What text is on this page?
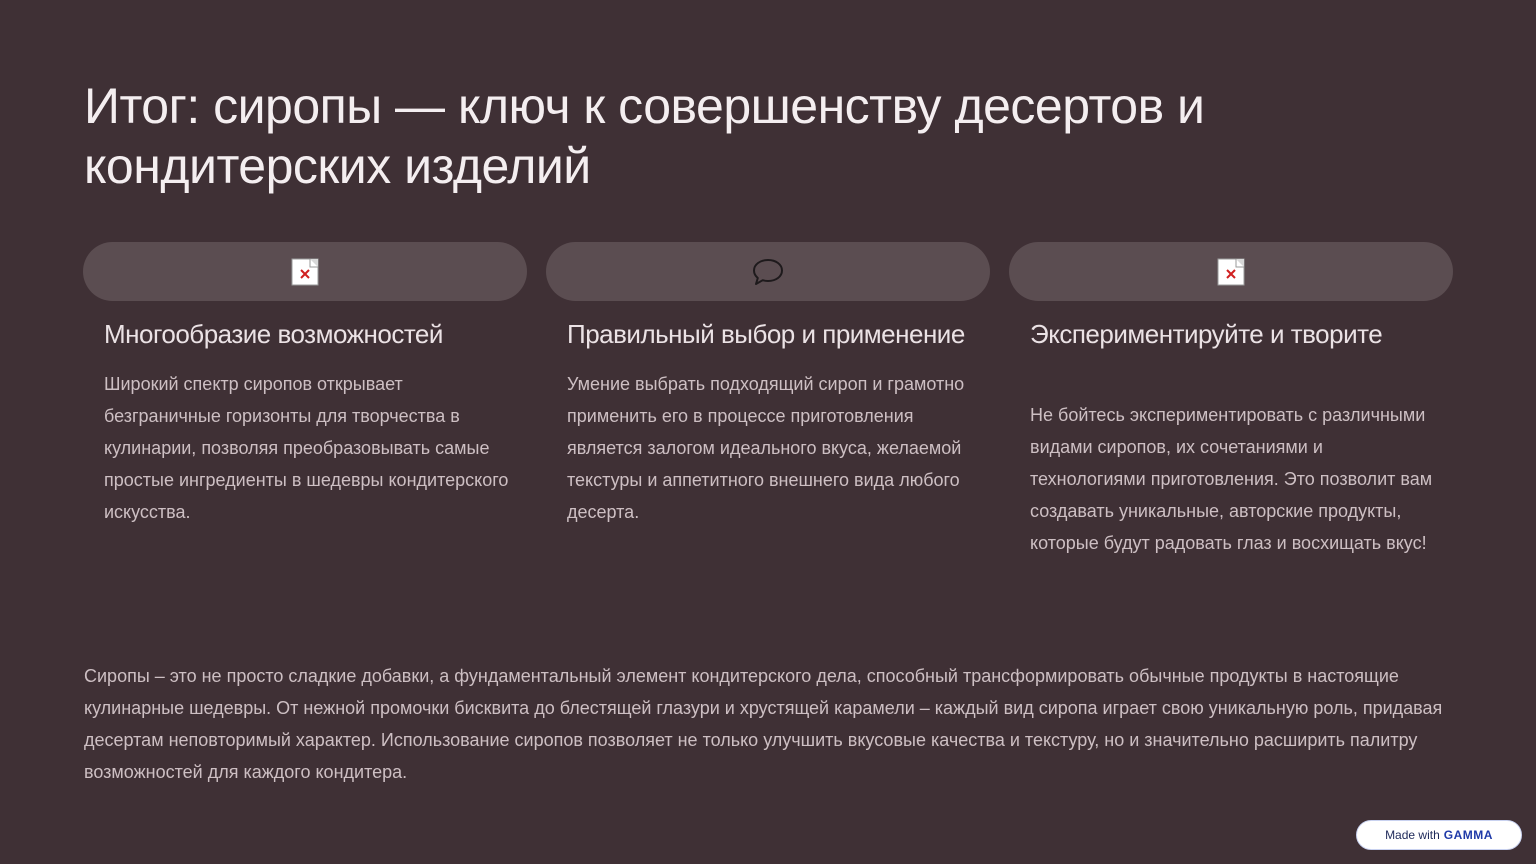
Итог: сиропы — ключ к совершенству десертов и кондитерских изделий
Многообразие возможностей
Широкий спектр сиропов открывает безграничные горизонты для творчества в кулинарии, позволяя преобразовывать самые простые ингредиенты в шедевры кондитерского искусства.
Правильный выбор и применение
Умение выбрать подходящий сироп и грамотно применить его в процессе приготовления является залогом идеального вкуса, желаемой текстуры и аппетитного внешнего вида любого десерта.
Экспериментируйте и творите
Не бойтесь экспериментировать с различными видами сиропов, их сочетаниями и технологиями приготовления. Это позволит вам создавать уникальные, авторские продукты, которые будут радовать глаз и восхищать вкус!
Сиропы – это не просто сладкие добавки, а фундаментальный элемент кондитерского дела, способный трансформировать обычные продукты в настоящие кулинарные шедевры. От нежной промочки бисквита до блестящей глазури и хрустящей карамели – каждый вид сиропа играет свою уникальную роль, придавая десертам неповторимый характер. Использование сиропов позволяет не только улучшить вкусовые качества и текстуру, но и значительно расширить палитру возможностей для каждого кондитера.
Made with GAMMA
